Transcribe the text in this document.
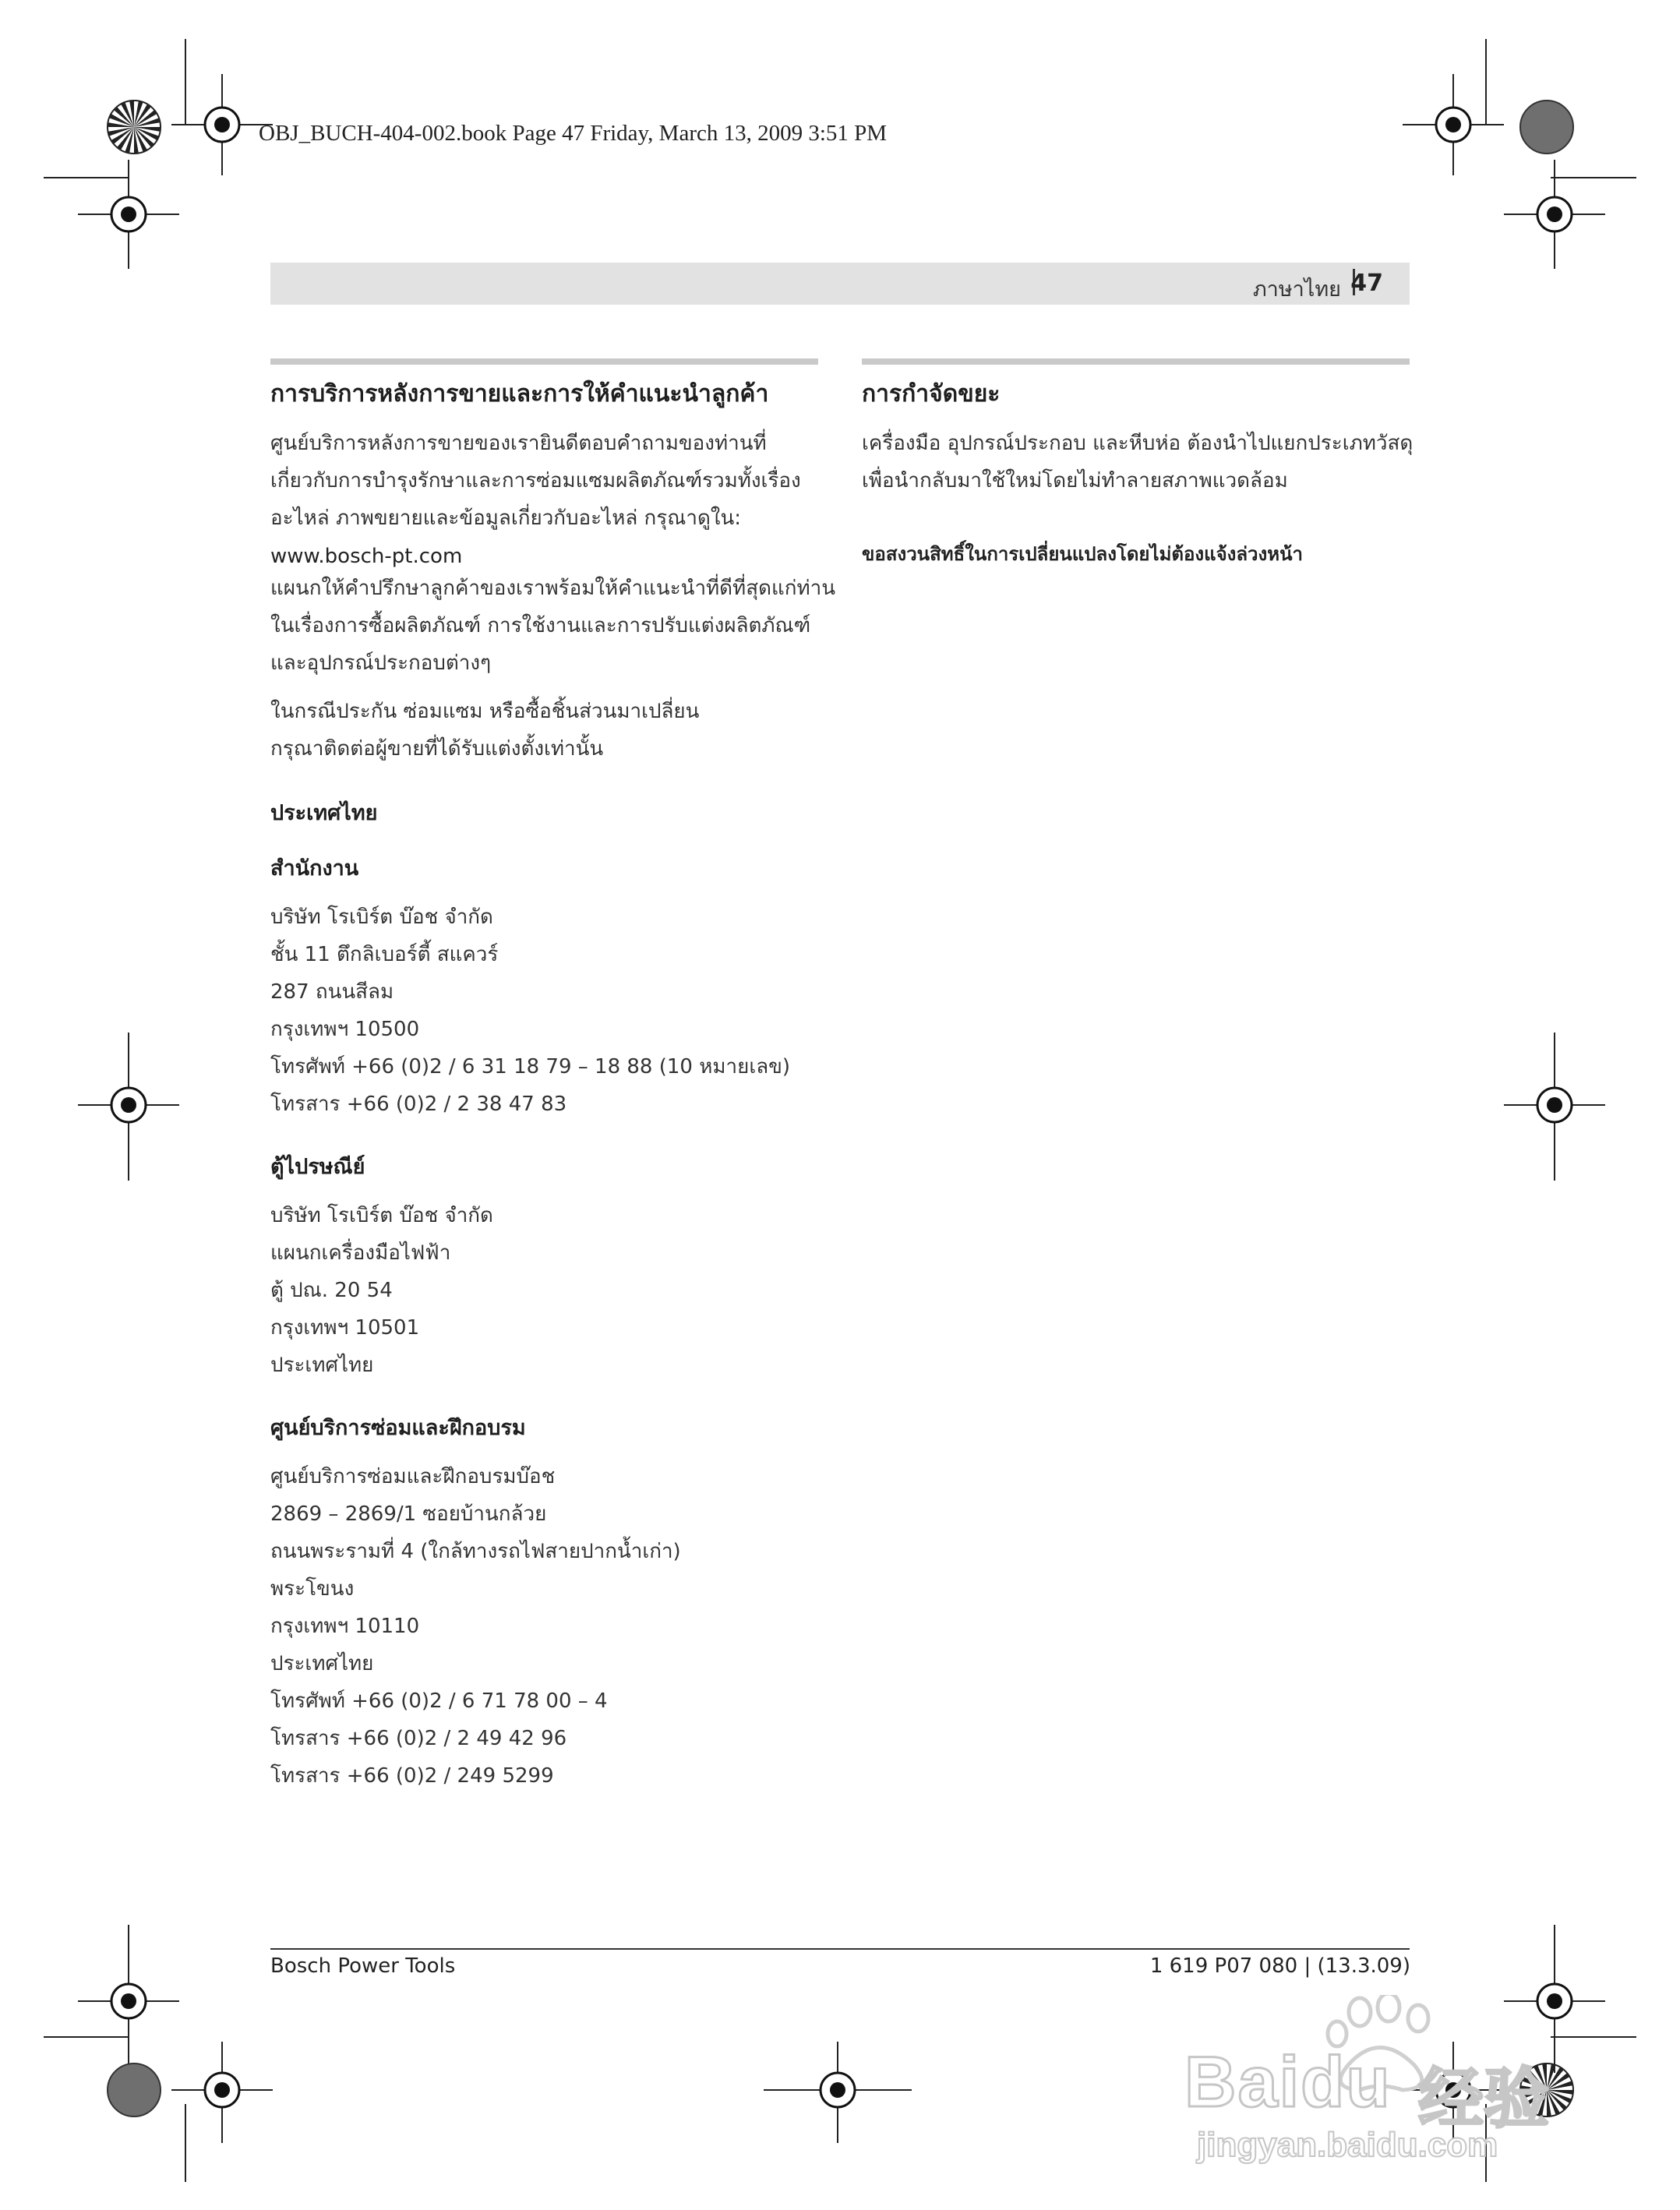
OBJ_BUCH-404-002.book Page 47 Friday, March 13, 2009 3:51 PM
ภาษาไทย 47
การบริการหลังการขายและการให้คำแนะนำลูกค้า
ศูนย์บริการหลังการขายของเรายินดีตอบคำถามของท่านที่
เกี่ยวกับการบำรุงรักษาและการซ่อมแซมผลิตภัณฑ์รวมทั้งเรื่อง
อะไหล่ ภาพขยายและข้อมูลเกี่ยวกับอะไหล่ กรุณาดูใน:
www.bosch-pt.com
แผนกให้คำปรึกษาลูกค้าของเราพร้อมให้คำแนะนำที่ดีที่สุดแก่ท่าน
ในเรื่องการซื้อผลิตภัณฑ์ การใช้งานและการปรับแต่งผลิตภัณฑ์
และอุปกรณ์ประกอบต่างๆ
ในกรณีประกัน ซ่อมแซม หรือซื้อชิ้นส่วนมาเปลี่ยน
กรุณาติดต่อผู้ขายที่ได้รับแต่งตั้งเท่านั้น
ประเทศไทย
สำนักงาน
บริษัท โรเบิร์ต บ๊อช จำกัด
ชั้น 11 ตึกลิเบอร์ตี้ สแควร์
287 ถนนสีลม
กรุงเทพฯ 10500
โทรศัพท์ +66 (0)2 / 6 31 18 79 – 18 88 (10 หมายเลข)
โทรสาร +66 (0)2 / 2 38 47 83
ตู้ไปรษณีย์
บริษัท โรเบิร์ต บ๊อช จำกัด
แผนกเครื่องมือไฟฟ้า
ตู้ ปณ. 20 54
กรุงเทพฯ 10501
ประเทศไทย
ศูนย์บริการซ่อมและฝึกอบรม
ศูนย์บริการซ่อมและฝึกอบรมบ๊อช
2869 – 2869/1 ซอยบ้านกล้วย
ถนนพระรามที่ 4 (ใกล้ทางรถไฟสายปากน้ำเก่า)
พระโขนง
กรุงเทพฯ 10110
ประเทศไทย
โทรศัพท์ +66 (0)2 / 6 71 78 00 – 4
โทรสาร +66 (0)2 / 2 49 42 96
โทรสาร +66 (0)2 / 249 5299
การกำจัดขยะ
เครื่องมือ อุปกรณ์ประกอบ และหีบห่อ ต้องนำไปแยกประเภทวัสดุ
เพื่อนำกลับมาใช้ใหม่โดยไม่ทำลายสภาพแวดล้อม
ขอสงวนสิทธิ์ในการเปลี่ยนแปลงโดยไม่ต้องแจ้งล่วงหน้า
Bosch Power Tools	1 619 P07 080 | (13.3.09)
Baidu 经验
jingyan.baidu.com
